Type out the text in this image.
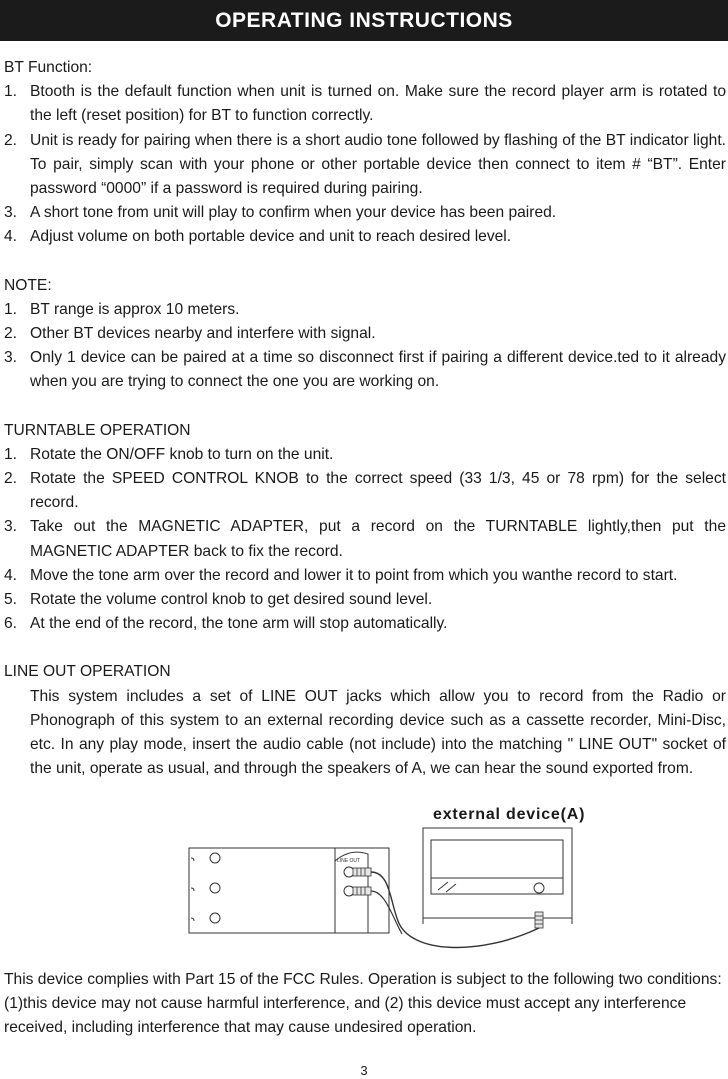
OPERATING INSTRUCTIONS
BT Function:
1. Btooth is the default function when unit is turned on. Make sure the record player arm is rotated to the left (reset position) for BT to function correctly.
2. Unit is ready for pairing when there is a short audio tone followed by flashing of the BT indicator light. To pair, simply scan with your phone or other portable device then connect to item # “BT”. Enter password “0000” if a password is required during pairing.
3. A short tone from unit will play to confirm when your device has been paired.
4. Adjust volume on both portable device and unit to reach desired level.
NOTE:
1. BT range is approx 10 meters.
2. Other BT devices nearby and interfere with signal.
3. Only 1 device can be paired at a time so disconnect first if pairing a different device.ted to it already when you are trying to connect the one you are working on.
TURNTABLE OPERATION
1. Rotate the ON/OFF knob to turn on the unit.
2. Rotate the SPEED CONTROL KNOB to the correct speed (33 1/3, 45 or 78 rpm) for the select record.
3. Take out the MAGNETIC ADAPTER, put a record on the TURNTABLE lightly,then put the MAGNETIC ADAPTER back to fix the record.
4. Move the tone arm over the record and lower it to point from which you wanthe record to start.
5. Rotate the volume control knob to get desired sound level.
6. At the end of the record, the tone arm will stop automatically.
LINE OUT OPERATION

This system includes a set of LINE OUT jacks which allow you to record from the Radio or Phonograph of this system to an external recording device such as a cassette recorder, Mini-Disc, etc. In any play mode, insert the audio cable (not include) into the matching " LINE OUT" socket of the unit, operate as usual, and through the speakers of A, we can hear the sound exported from.

external device(A)
LINE OUT
This device complies with Part 15 of the FCC Rules. Operation is subject to the following two conditions: (1)this device may not cause harmful interference, and (2) this device must accept any interference received, including interference that may cause undesired operation.
3
